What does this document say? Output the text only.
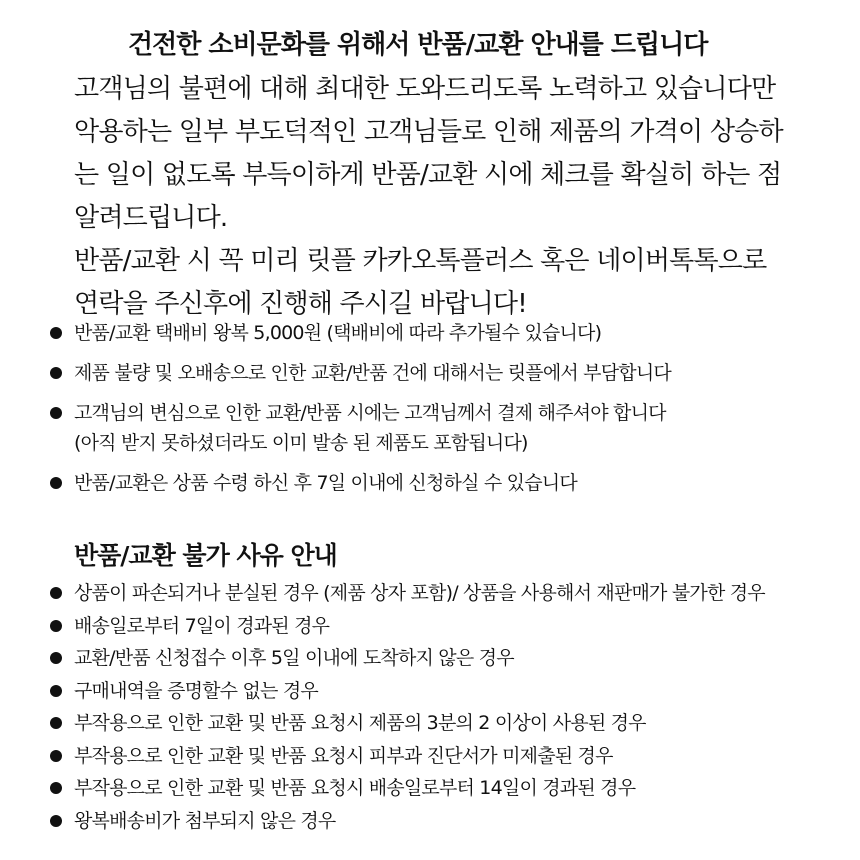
건전한 소비문화를 위해서 반품/교환 안내를 드립니다

고객님의 불편에 대해 최대한 도와드리도록 노력하고 있습니다만

악용하는 일부 부도덕적인 고객님들로 인해 제품의 가격이 상승하

는 일이 없도록 부득이하게 반품/교환 시에 체크를 확실히 하는 점

알려드립니다.

반품/교환 시 꼭 미리 릿플 카카오톡플러스 혹은 네이버톡톡으로

연락을 주신후에 진행해 주시길 바랍니다!

반품/교환 택배비 왕복 5,000원 (택배비에 따라 추가될수 있습니다)
제품 불량 및 오배송으로 인한 교환/반품 건에 대해서는 릿플에서 부담합니다
고객님의 변심으로 인한 교환/반품 시에는 고객님께서 결제 해주셔야 합니다
(아직 받지 못하셨더라도 이미 발송 된 제품도 포함됩니다)
반품/교환은 상품 수령 하신 후 7일 이내에 신청하실 수 있습니다
반품/교환 불가 사유 안내
상품이 파손되거나 분실된 경우 (제품 상자 포함)/ 상품을 사용해서 재판매가 불가한 경우
배송일로부터 7일이 경과된 경우
교환/반품 신청접수 이후 5일 이내에 도착하지 않은 경우
구매내역을 증명할수 없는 경우
부작용으로 인한 교환 및 반품 요청시 제품의 3분의 2 이상이 사용된 경우
부작용으로 인한 교환 및 반품 요청시 피부과 진단서가 미제출된 경우
부작용으로 인한 교환 및 반품 요청시 배송일로부터 14일이 경과된 경우
왕복배송비가 첨부되지 않은 경우
